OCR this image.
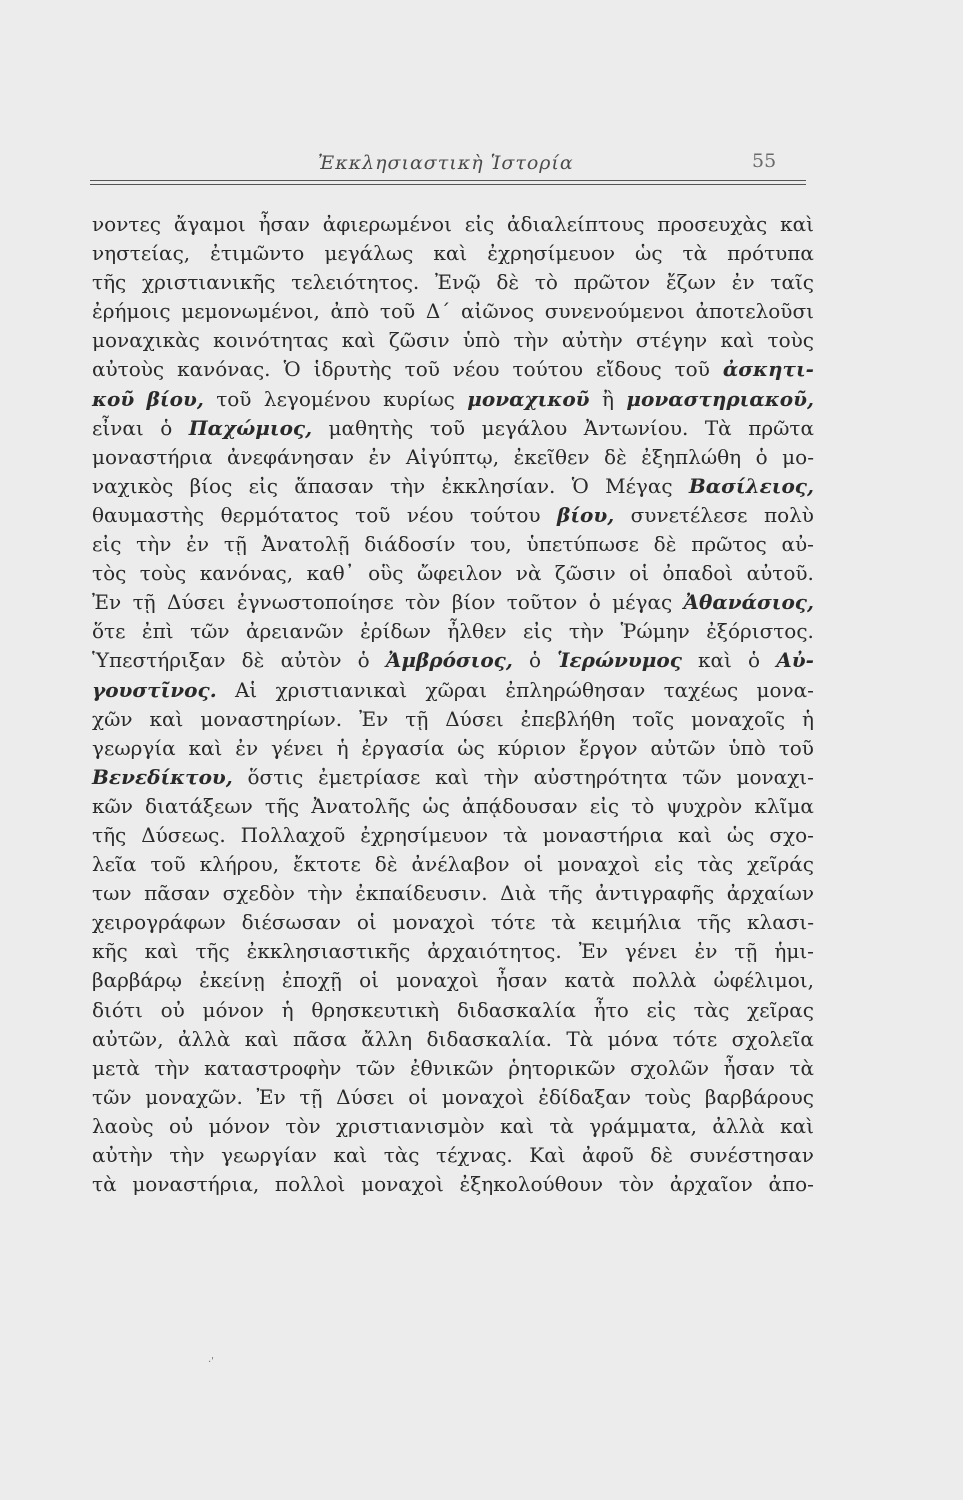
Ἐκκλησιαστικὴ Ἱστορία	55
νοντες ἄγαμοι ἦσαν ἀφιερωμένοι εἰς ἀδιαλείπτους προσευχὰς καὶ
νηστείας, ἐτιμῶντο μεγάλως καὶ ἐχρησίμευον ὡς τὰ πρότυπα
τῆς χριστιανικῆς τελειότητος. Ἐνῷ δὲ τὸ πρῶτον ἔζων ἐν ταῖς
ἐρήμοις μεμονωμένοι, ἀπὸ τοῦ Δ΄ αἰῶνος συνενούμενοι ἀποτελοῦσι
μοναχικὰς κοινότητας καὶ ζῶσιν ὑπὸ τὴν αὐτὴν στέγην καὶ τοὺς
αὐτοὺς κανόνας. Ὁ ἱδρυτὴς τοῦ νέου τούτου εἴδους τοῦ ἀσκητι-
κοῦ βίου, τοῦ λεγομένου κυρίως μοναχικοῦ ἢ μοναστηριακοῦ,
εἶναι ὁ Παχώμιος, μαθητὴς τοῦ μεγάλου Ἀντωνίου. Τὰ πρῶτα
μοναστήρια ἀνεφάνησαν ἐν Αἰγύπτῳ, ἐκεῖθεν δὲ ἐξηπλώθη ὁ μο-
ναχικὸς βίος εἰς ἅπασαν τὴν ἐκκλησίαν. Ὁ Μέγας Βασίλειος,
θαυμαστὴς θερμότατος τοῦ νέου τούτου βίου, συνετέλεσε πολὺ
εἰς τὴν ἐν τῇ Ἀνατολῇ διάδοσίν του, ὑπετύπωσε δὲ πρῶτος αὐ-
τὸς τοὺς κανόνας, καθ᾽ οὓς ὤφειλον νὰ ζῶσιν οἱ ὀπαδοὶ αὐτοῦ.
Ἐν τῇ Δύσει ἐγνωστοποίησε τὸν βίον τοῦτον ὁ μέγας Ἀθανάσιος,
ὅτε ἐπὶ τῶν ἀρειανῶν ἐρίδων ἦλθεν εἰς τὴν Ῥώμην ἐξόριστος.
Ὑπεστήριξαν δὲ αὐτὸν ὁ Ἀμβρόσιος, ὁ Ἱερώνυμος καὶ ὁ Αὐ-
γουστῖνος. Αἱ χριστιανικαὶ χῶραι ἐπληρώθησαν ταχέως μονα-
χῶν καὶ μοναστηρίων. Ἐν τῇ Δύσει ἐπεβλήθη τοῖς μοναχοῖς ἡ
γεωργία καὶ ἐν γένει ἡ ἐργασία ὡς κύριον ἔργον αὐτῶν ὑπὸ τοῦ
Βενεδίκτου, ὅστις ἐμετρίασε καὶ τὴν αὐστηρότητα τῶν μοναχι-
κῶν διατάξεων τῆς Ἀνατολῆς ὡς ἀπᾴδουσαν εἰς τὸ ψυχρὸν κλῖμα
τῆς Δύσεως. Πολλαχοῦ ἐχρησίμευον τὰ μοναστήρια καὶ ὡς σχο-
λεῖα τοῦ κλήρου, ἔκτοτε δὲ ἀνέλαβον οἱ μοναχοὶ εἰς τὰς χεῖράς
των πᾶσαν σχεδὸν τὴν ἐκπαίδευσιν. Διὰ τῆς ἀντιγραφῆς ἀρχαίων
χειρογράφων διέσωσαν οἱ μοναχοὶ τότε τὰ κειμήλια τῆς κλασι-
κῆς καὶ τῆς ἐκκλησιαστικῆς ἀρχαιότητος. Ἐν γένει ἐν τῇ ἡμι-
βαρβάρῳ ἐκείνῃ ἐποχῇ οἱ μοναχοὶ ἦσαν κατὰ πολλὰ ὠφέλιμοι,
διότι οὐ μόνον ἡ θρησκευτικὴ διδασκαλία ἦτο εἰς τὰς χεῖρας
αὐτῶν, ἀλλὰ καὶ πᾶσα ἄλλη διδασκαλία. Τὰ μόνα τότε σχολεῖα
μετὰ τὴν καταστροφὴν τῶν ἐθνικῶν ῥητορικῶν σχολῶν ἦσαν τὰ
τῶν μοναχῶν. Ἐν τῇ Δύσει οἱ μοναχοὶ ἐδίδαξαν τοὺς βαρβάρους
λαοὺς οὐ μόνον τὸν χριστιανισμὸν καὶ τὰ γράμματα, ἀλλὰ καὶ
αὐτὴν τὴν γεωργίαν καὶ τὰς τέχνας. Καὶ ἀφοῦ δὲ συνέστησαν
τὰ μοναστήρια, πολλοὶ μοναχοὶ ἐξηκολούθουν τὸν ἀρχαῖον ἀπο-
·ʹ
